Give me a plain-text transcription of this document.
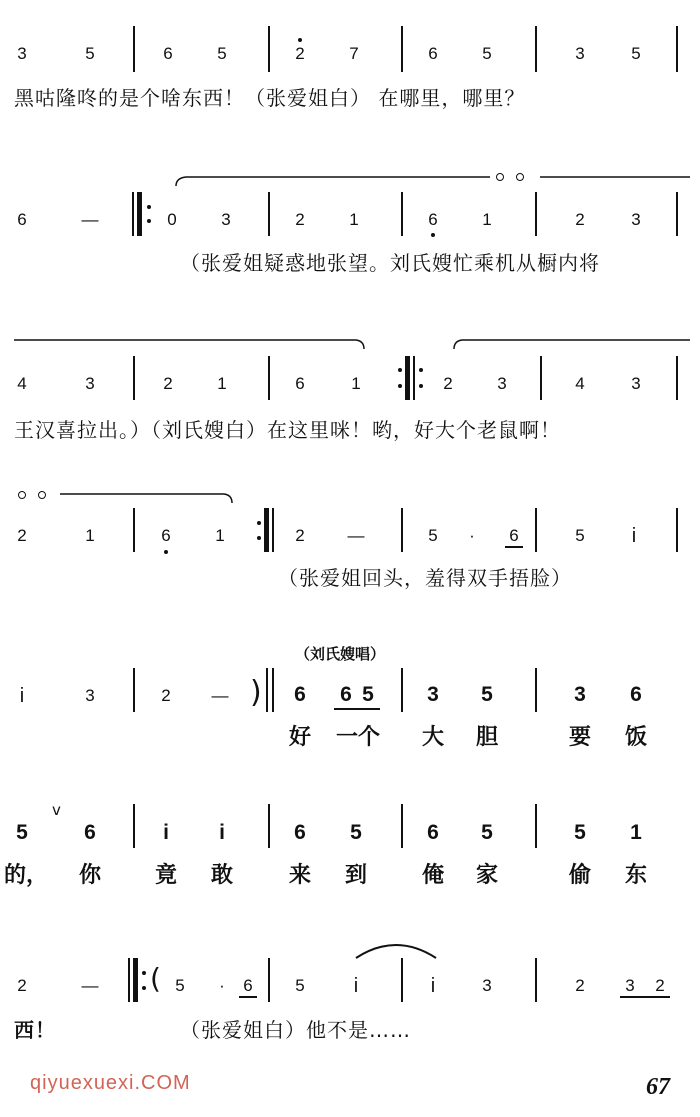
3	5	6	5	2	7	6	5	3	5
黑咕隆咚的是个啥东西！（张爱姐白） 在哪里，哪里？
6	—	0	3	2	1	6	1	2	3
（张爱姐疑惑地张望。刘氏嫂忙乘机从橱内将
4	3	2	1	6	1	2	3	4	3
王汉喜拉出。）（刘氏嫂白）在这里咪！哟，好大个老鼠啊！
2	1	6	1	2	—	5 · 6	5 i
（张爱姐回头，羞得双手捂脸）
（刘氏嫂唱）
i	3	2 — ) 6 6 5	3 5	3 6
好 一个 大 胆	要 饭
5
v
6	i i	6 5	6 5	5 1
的， 你 竟 敢	来 到 俺 家	偷 东
2	— ( 5 · 6	5 i	i	3	2 3 2
西！	（张爱姐白）他不是……
qiyuexuexi.COM	67
